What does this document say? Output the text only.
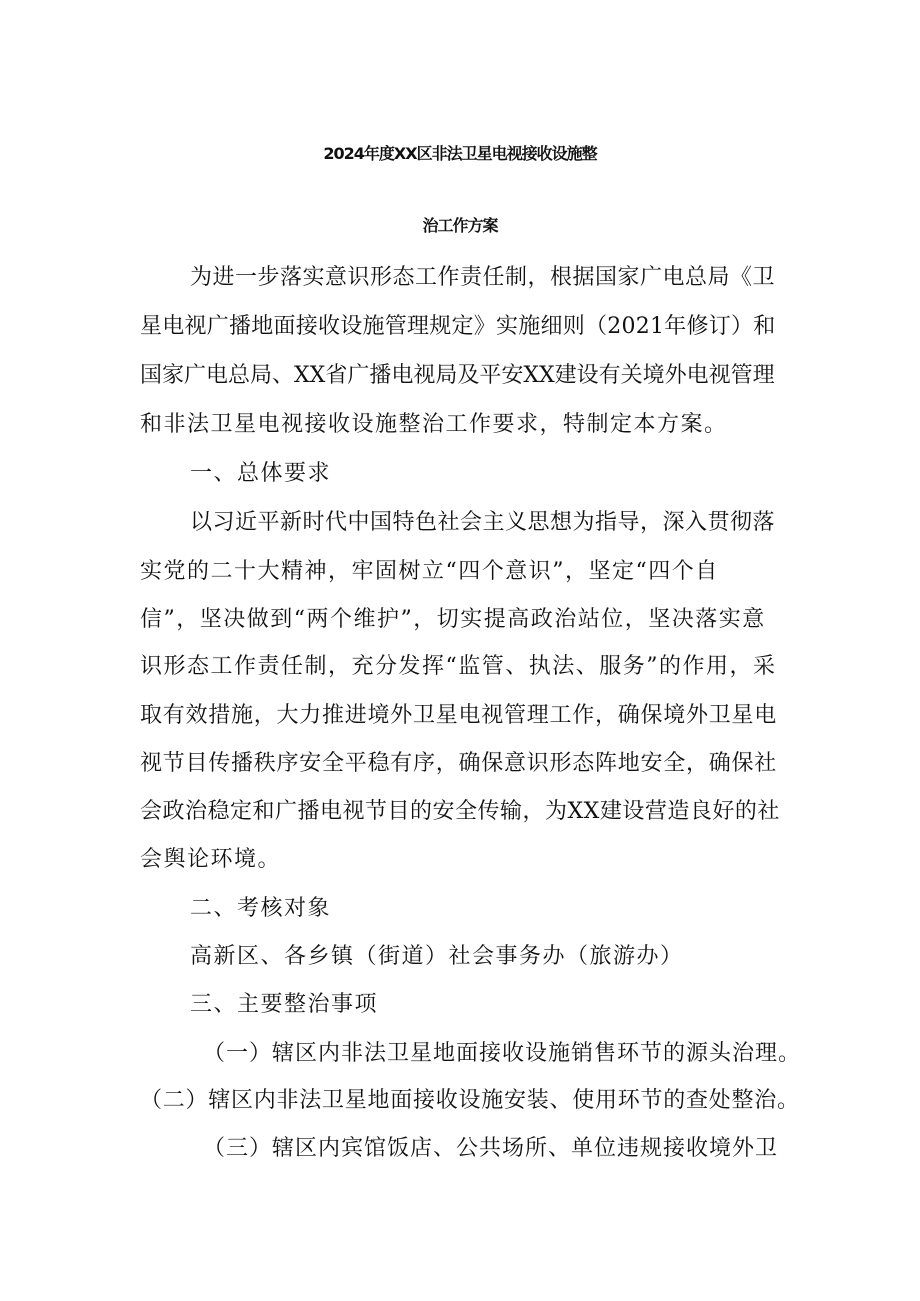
2024年度XX区非法卫星电视接收设施整
治工作方案
为进一步落实意识形态工作责任制，根据国家广电总局《卫
星电视广播地面接收设施管理规定》实施细则（2021年修订）和
国家广电总局、XX省广播电视局及平安XX建设有关境外电视管理
和非法卫星电视接收设施整治工作要求，特制定本方案。
一、总体要求
以习近平新时代中国特色社会主义思想为指导，深入贯彻落
实党的二十大精神，牢固树立“四个意识”，坚定“四个自
信”，坚决做到“两个维护”，切实提高政治站位，坚决落实意
识形态工作责任制，充分发挥“监管、执法、服务”的作用，采
取有效措施，大力推进境外卫星电视管理工作，确保境外卫星电
视节目传播秩序安全平稳有序，确保意识形态阵地安全，确保社
会政治稳定和广播电视节目的安全传输，为XX建设营造良好的社
会舆论环境。
二、考核对象
高新区、各乡镇（街道）社会事务办（旅游办）
三、主要整治事项
（一）辖区内非法卫星地面接收设施销售环节的源头治理。
（二）辖区内非法卫星地面接收设施安装、使用环节的查处整治。
（三）辖区内宾馆饭店、公共场所、单位违规接收境外卫
